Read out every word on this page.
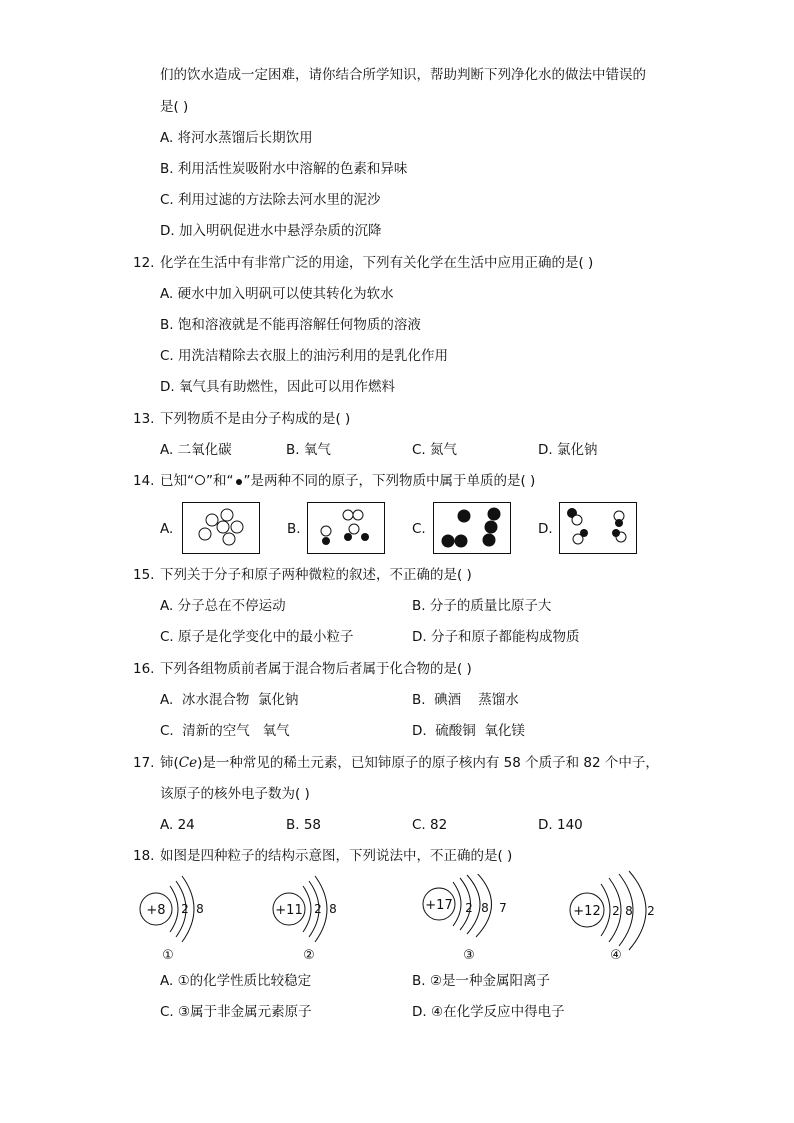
们的饮水造成一定困难，请你结合所学知识，帮助判断下列净化水的做法中错误的
是( )
A. 将河水蒸馏后长期饮用
B. 利用活性炭吸附水中溶解的色素和异味
C. 利用过滤的方法除去河水里的泥沙
D. 加入明矾促进水中悬浮杂质的沉降
12. 化学在生活中有非常广泛的用途，下列有关化学在生活中应用正确的是( )
A. 硬水中加入明矾可以使其转化为软水
B. 饱和溶液就是不能再溶解任何物质的溶液
C. 用洗洁精除去衣服上的油污利用的是乳化作用
D. 氧气具有助燃性，因此可以用作燃料
13. 下列物质不是由分子构成的是( )
A. 二氧化碳	B. 氧气	C. 氮气	D. 氯化钠
14. 已知“ ”和“ ”是两种不同的原子，下列物质中属于单质的是( )
A.	B.	C.	D.
15. 下列关于分子和原子两种微粒的叙述，不正确的是( )
A. 分子总在不停运动	B. 分子的质量比原子大
C. 原子是化学变化中的最小粒子	D. 分子和原子都能构成物质
16. 下列各组物质前者属于混合物后者属于化合物的是( )
A.  冰水混合物  氯化钠	B.  碘酒    蒸馏水
C.  清新的空气   氧气	D.  硫酸铜  氧化镁
17. 铈(Ce)是一种常见的稀土元素，已知铈原子的原子核内有 58 个质子和 82 个中子，
该原子的核外电子数为( )
A. 24	B. 58	C. 82	D. 140
18. 如图是四种粒子的结构示意图，下列说法中，不正确的是( )
+8 2 8
①
+11 2 8
②
+17 2 8 7
③
+12 2 8 2
④
A. ①的化学性质比较稳定	B. ②是一种金属阳离子
C. ③属于非金属元素原子	D. ④在化学反应中得电子
